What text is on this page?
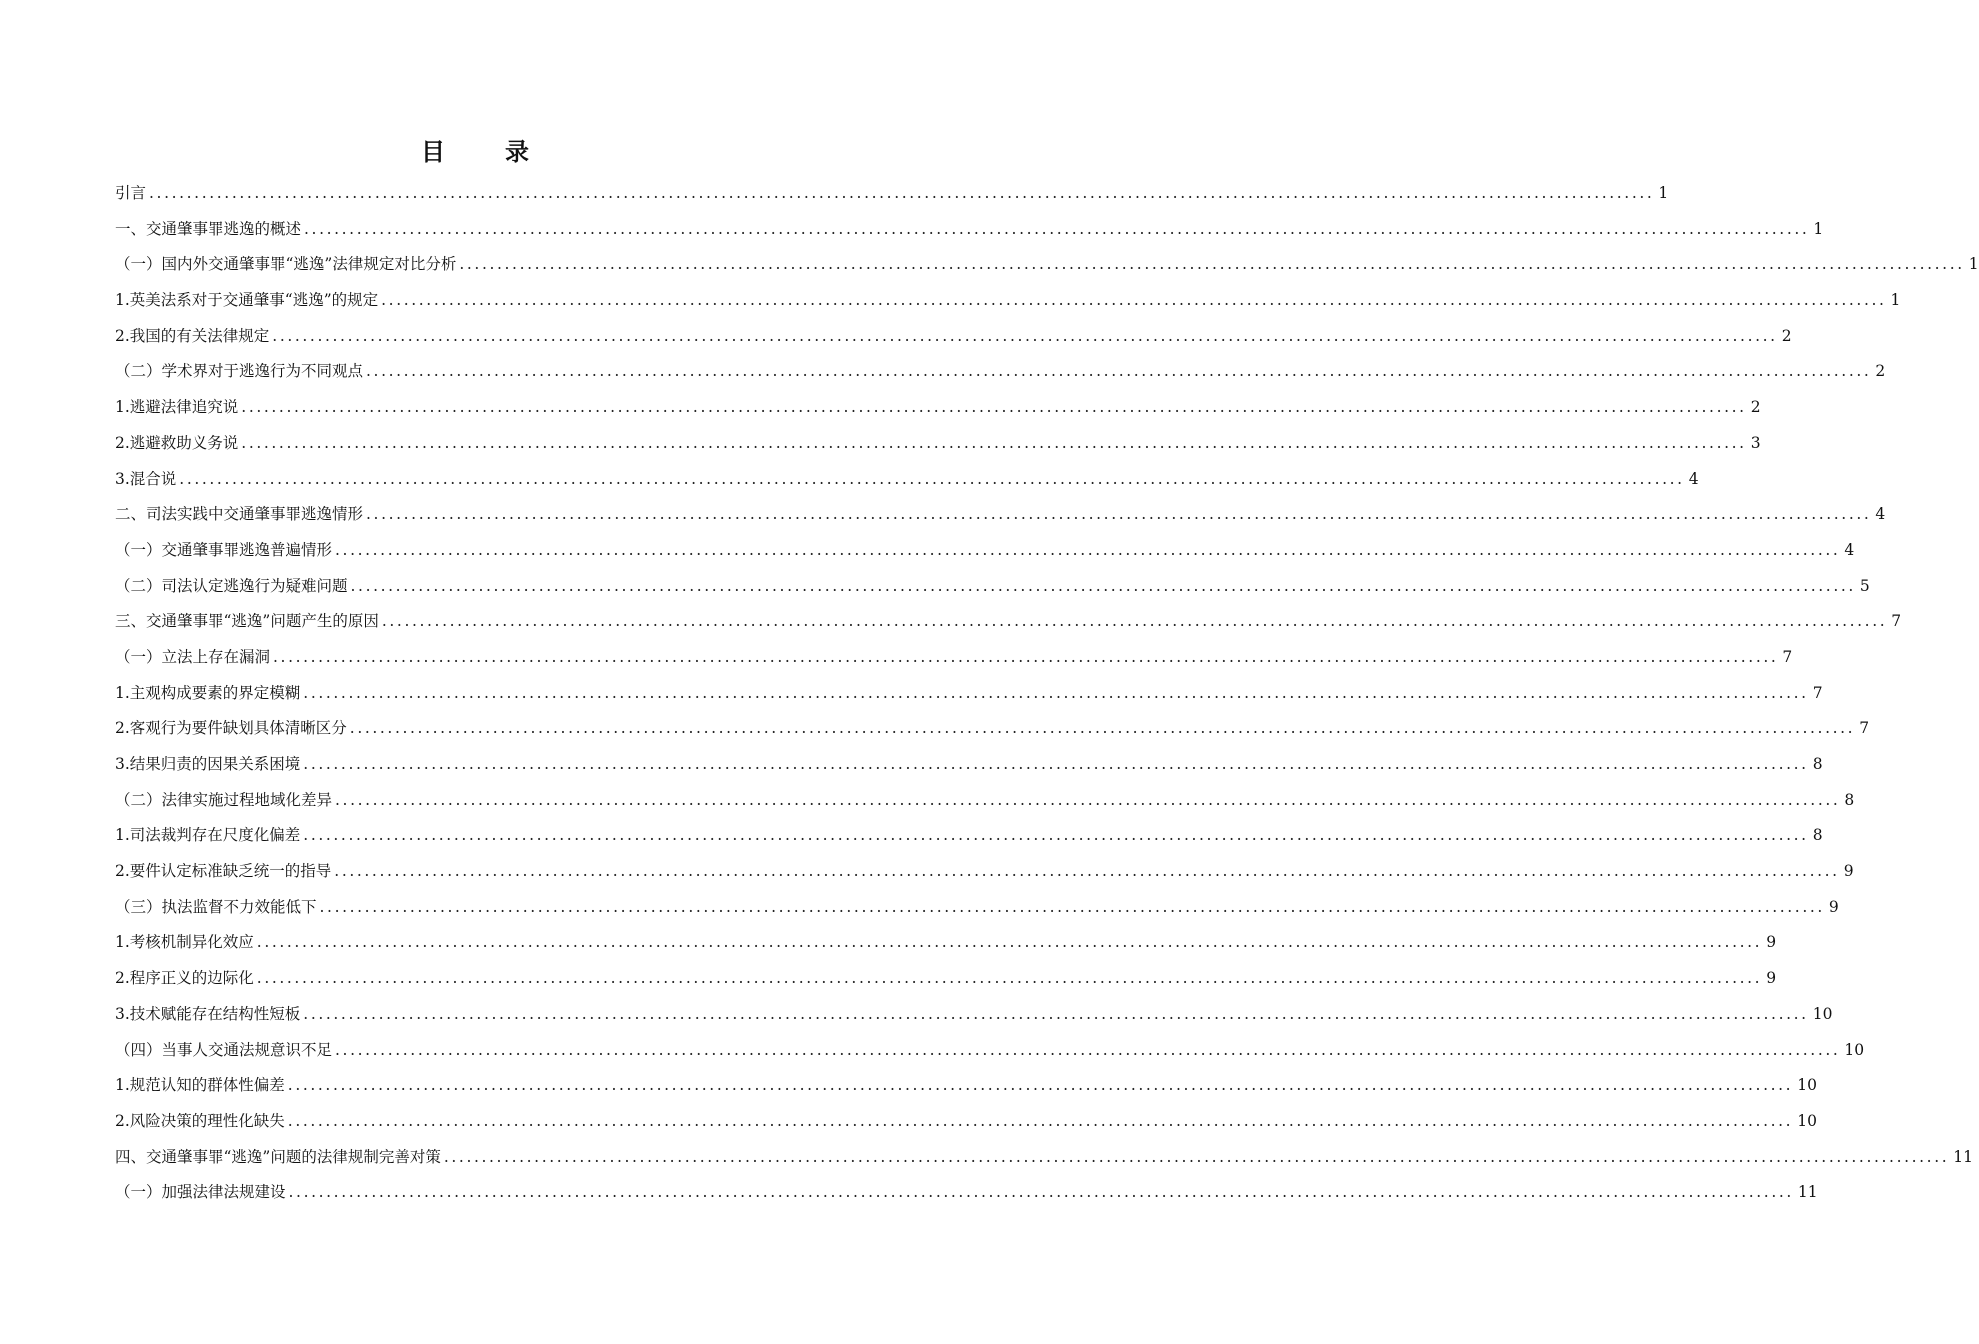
目　录
引言 ........................................................................................................................................................................................................ 1
一、交通肇事罪逃逸的概述 ........................................................................................................................................................................................................ 1
（一）国内外交通肇事罪“逃逸”法律规定对比分析 ........................................................................................................................................................................................................ 1
1.英美法系对于交通肇事“逃逸”的规定 ........................................................................................................................................................................................................ 1
2.我国的有关法律规定 ........................................................................................................................................................................................................ 2
（二）学术界对于逃逸行为不同观点 ........................................................................................................................................................................................................ 2
1.逃避法律追究说 ........................................................................................................................................................................................................ 2
2.逃避救助义务说 ........................................................................................................................................................................................................ 3
3.混合说 ........................................................................................................................................................................................................ 4
二、司法实践中交通肇事罪逃逸情形 ........................................................................................................................................................................................................ 4
（一）交通肇事罪逃逸普遍情形 ........................................................................................................................................................................................................ 4
（二）司法认定逃逸行为疑难问题 ........................................................................................................................................................................................................ 5
三、交通肇事罪“逃逸”问题产生的原因 ........................................................................................................................................................................................................ 7
（一）立法上存在漏洞 ........................................................................................................................................................................................................ 7
1.主观构成要素的界定模糊 ........................................................................................................................................................................................................ 7
2.客观行为要件缺划具体清晰区分 ........................................................................................................................................................................................................ 7
3.结果归责的因果关系困境 ........................................................................................................................................................................................................ 8
（二）法律实施过程地域化差异 ........................................................................................................................................................................................................ 8
1.司法裁判存在尺度化偏差 ........................................................................................................................................................................................................ 8
2.要件认定标准缺乏统一的指导 ........................................................................................................................................................................................................ 9
（三）执法监督不力效能低下 ........................................................................................................................................................................................................ 9
1.考核机制异化效应 ........................................................................................................................................................................................................ 9
2.程序正义的边际化 ........................................................................................................................................................................................................ 9
3.技术赋能存在结构性短板 ........................................................................................................................................................................................................ 10
（四）当事人交通法规意识不足 ........................................................................................................................................................................................................ 10
1.规范认知的群体性偏差 ........................................................................................................................................................................................................ 10
2.风险决策的理性化缺失 ........................................................................................................................................................................................................ 10
四、交通肇事罪“逃逸”问题的法律规制完善对策 ........................................................................................................................................................................................................ 11
（一）加强法律法规建设 ........................................................................................................................................................................................................ 11
